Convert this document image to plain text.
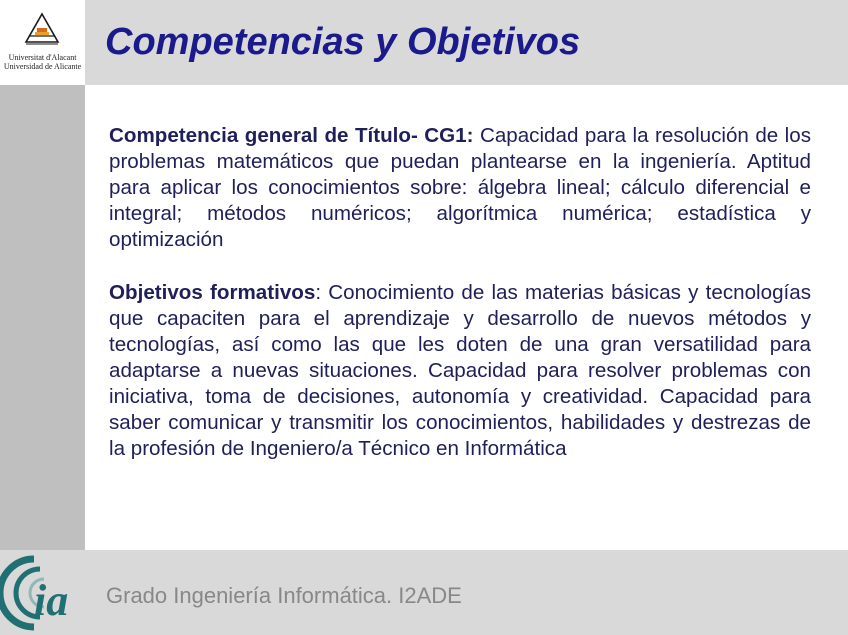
Universitat d'Alacant
Universidad de Alicante
Competencias y Objetivos

Competencia general de Título- CG1: Capacidad para la resolución de los problemas matemáticos que puedan plantearse en la ingeniería. Aptitud para aplicar los conocimientos sobre: álgebra lineal; cálculo diferencial e integral; métodos numéricos; algorítmica numérica; estadística y optimización

Objetivos formativos: Conocimiento de las materias básicas y tecnologías que capaciten para el aprendizaje y desarrollo de nuevos métodos y tecnologías, así como las que les doten de una gran versatilidad para adaptarse a nuevas situaciones. Capacidad para resolver problemas con iniciativa, toma de decisiones, autonomía y creatividad. Capacidad para saber comunicar y transmitir los conocimientos, habilidades y destrezas de la profesión de Ingeniero/a Técnico en Informática

ia Grado Ingeniería Informática. I2ADE
